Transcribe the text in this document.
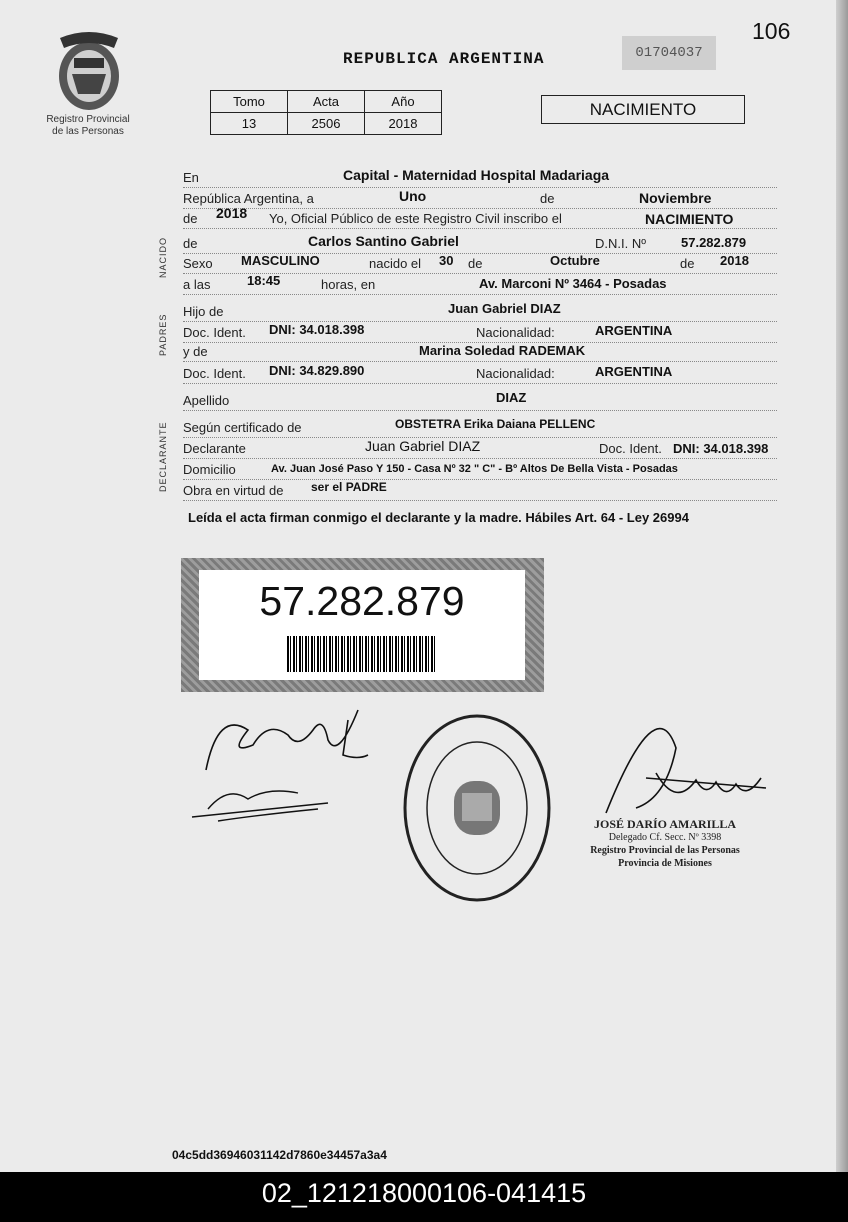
106
Registro Provincial
de las Personas
REPUBLICA ARGENTINA	01704037
Tomo	Acta	Año
13	2506	2018
NACIMIENTO
NACIDO
PADRES
DECLARANTE
En	Capital - Maternidad Hospital Madariaga
República Argentina, a	Uno	de	Noviembre
de 2018 Yo, Oficial Público de este Registro Civil inscribo el	NACIMIENTO
de	Carlos Santino Gabriel	D.N.I. Nº	57.282.879
Sexo MASCULINO	nacido el 30 de	Octubre	de 2018
a las	18:45	horas, en	Av. Marconi Nº 3464 - Posadas
Hijo de	Juan Gabriel DIAZ
Doc. Ident. DNI: 34.018.398	Nacionalidad:	ARGENTINA
y de	Marina Soledad RADEMAK
Doc. Ident. DNI: 34.829.890	Nacionalidad:	ARGENTINA
Apellido	DIAZ
Según certificado de	OBSTETRA Erika Daiana PELLENC
Declarante	Juan Gabriel DIAZ	Doc. Ident. DNI: 34.018.398
Domicilio	Av. Juan José Paso Y 150 - Casa Nº 32 " C" - Bº Altos De Bella Vista - Posadas
Obra en virtud de ser el PADRE
Leída el acta firman conmigo el declarante y la madre. Hábiles Art. 64 - Ley 26994
57.282.879
JOSÉ DARÍO AMARILLA
Delegado Cf. Secc. Nº 3398
Registro Provincial de las Personas
Provincia de Misiones
04c5dd36946031142d7860e34457a3a4
02_121218000106-041415
